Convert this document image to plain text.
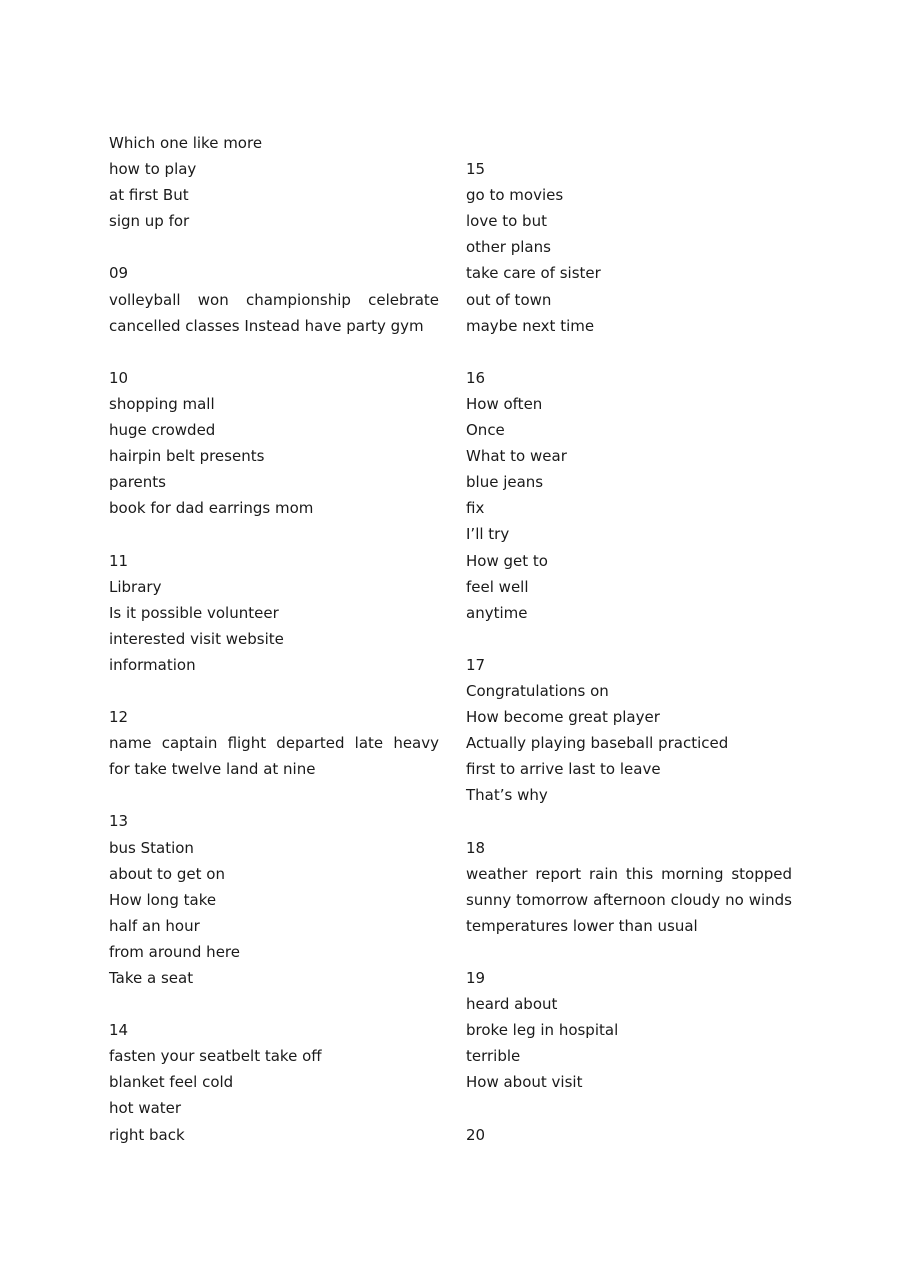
Which one like more
how to play
at first But
sign up for
09
volleyball won championship celebrate
cancelled classes Instead have party gym
10
shopping mall
huge crowded
hairpin belt presents
parents
book for dad earrings mom
11
Library
Is it possible volunteer
interested visit website
information
12
name captain flight departed late heavy
for take twelve land at nine
13
bus Station
about to get on
How long take
half an hour
from around here
Take a seat
14
fasten your seatbelt take off
blanket feel cold
hot water
right back
15
go to movies
love to but
other plans
take care of sister
out of town
maybe next time
16
How often
Once
What to wear
blue jeans
fix
I’ll try
How get to
feel well
anytime
17
Congratulations on
How become great player
Actually playing baseball practiced
first to arrive last to leave
That’s why
18
weather report rain this morning stopped
sunny tomorrow afternoon cloudy no winds
temperatures lower than usual
19
heard about
broke leg in hospital
terrible
How about visit
20
